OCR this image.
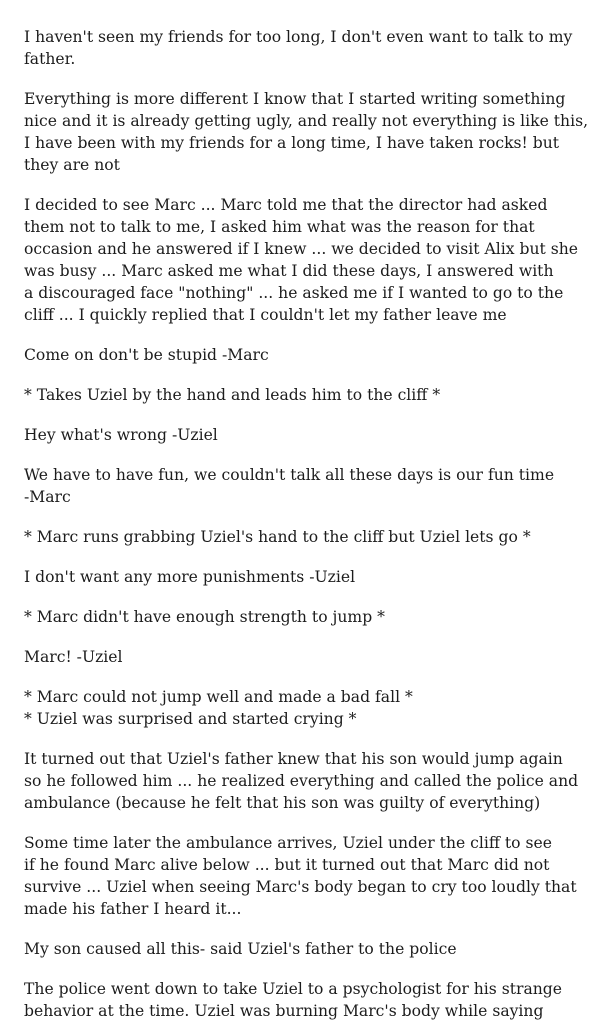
I haven't seen my friends for too long, I don't even want to talk to my
father.

Everything is more different I know that I started writing something
nice and it is already getting ugly, and really not everything is like this,
I have been with my friends for a long time, I have taken rocks! but
they are not

I decided to see Marc ... Marc told me that the director had asked
them not to talk to me, I asked him what was the reason for that
occasion and he answered if I knew ... we decided to visit Alix but she
was busy ... Marc asked me what I did these days, I answered with
a discouraged face "nothing" ... he asked me if I wanted to go to the
cliff ... I quickly replied that I couldn't let my father leave me

Come on don't be stupid -Marc

* Takes Uziel by the hand and leads him to the cliff *

Hey what's wrong -Uziel

We have to have fun, we couldn't talk all these days is our fun time
-Marc

* Marc runs grabbing Uziel's hand to the cliff but Uziel lets go *

I don't want any more punishments -Uziel

* Marc didn't have enough strength to jump *

Marc! -Uziel

* Marc could not jump well and made a bad fall *
* Uziel was surprised and started crying *

It turned out that Uziel's father knew that his son would jump again
so he followed him ... he realized everything and called the police and
ambulance (because he felt that his son was guilty of everything)

Some time later the ambulance arrives, Uziel under the cliff to see
if he found Marc alive below ... but it turned out that Marc did not
survive ... Uziel when seeing Marc's body began to cry too loudly that
made his father I heard it...

My son caused all this- said Uziel's father to the police

The police went down to take Uziel to a psychologist for his strange
behavior at the time. Uziel was burning Marc's body while saying
